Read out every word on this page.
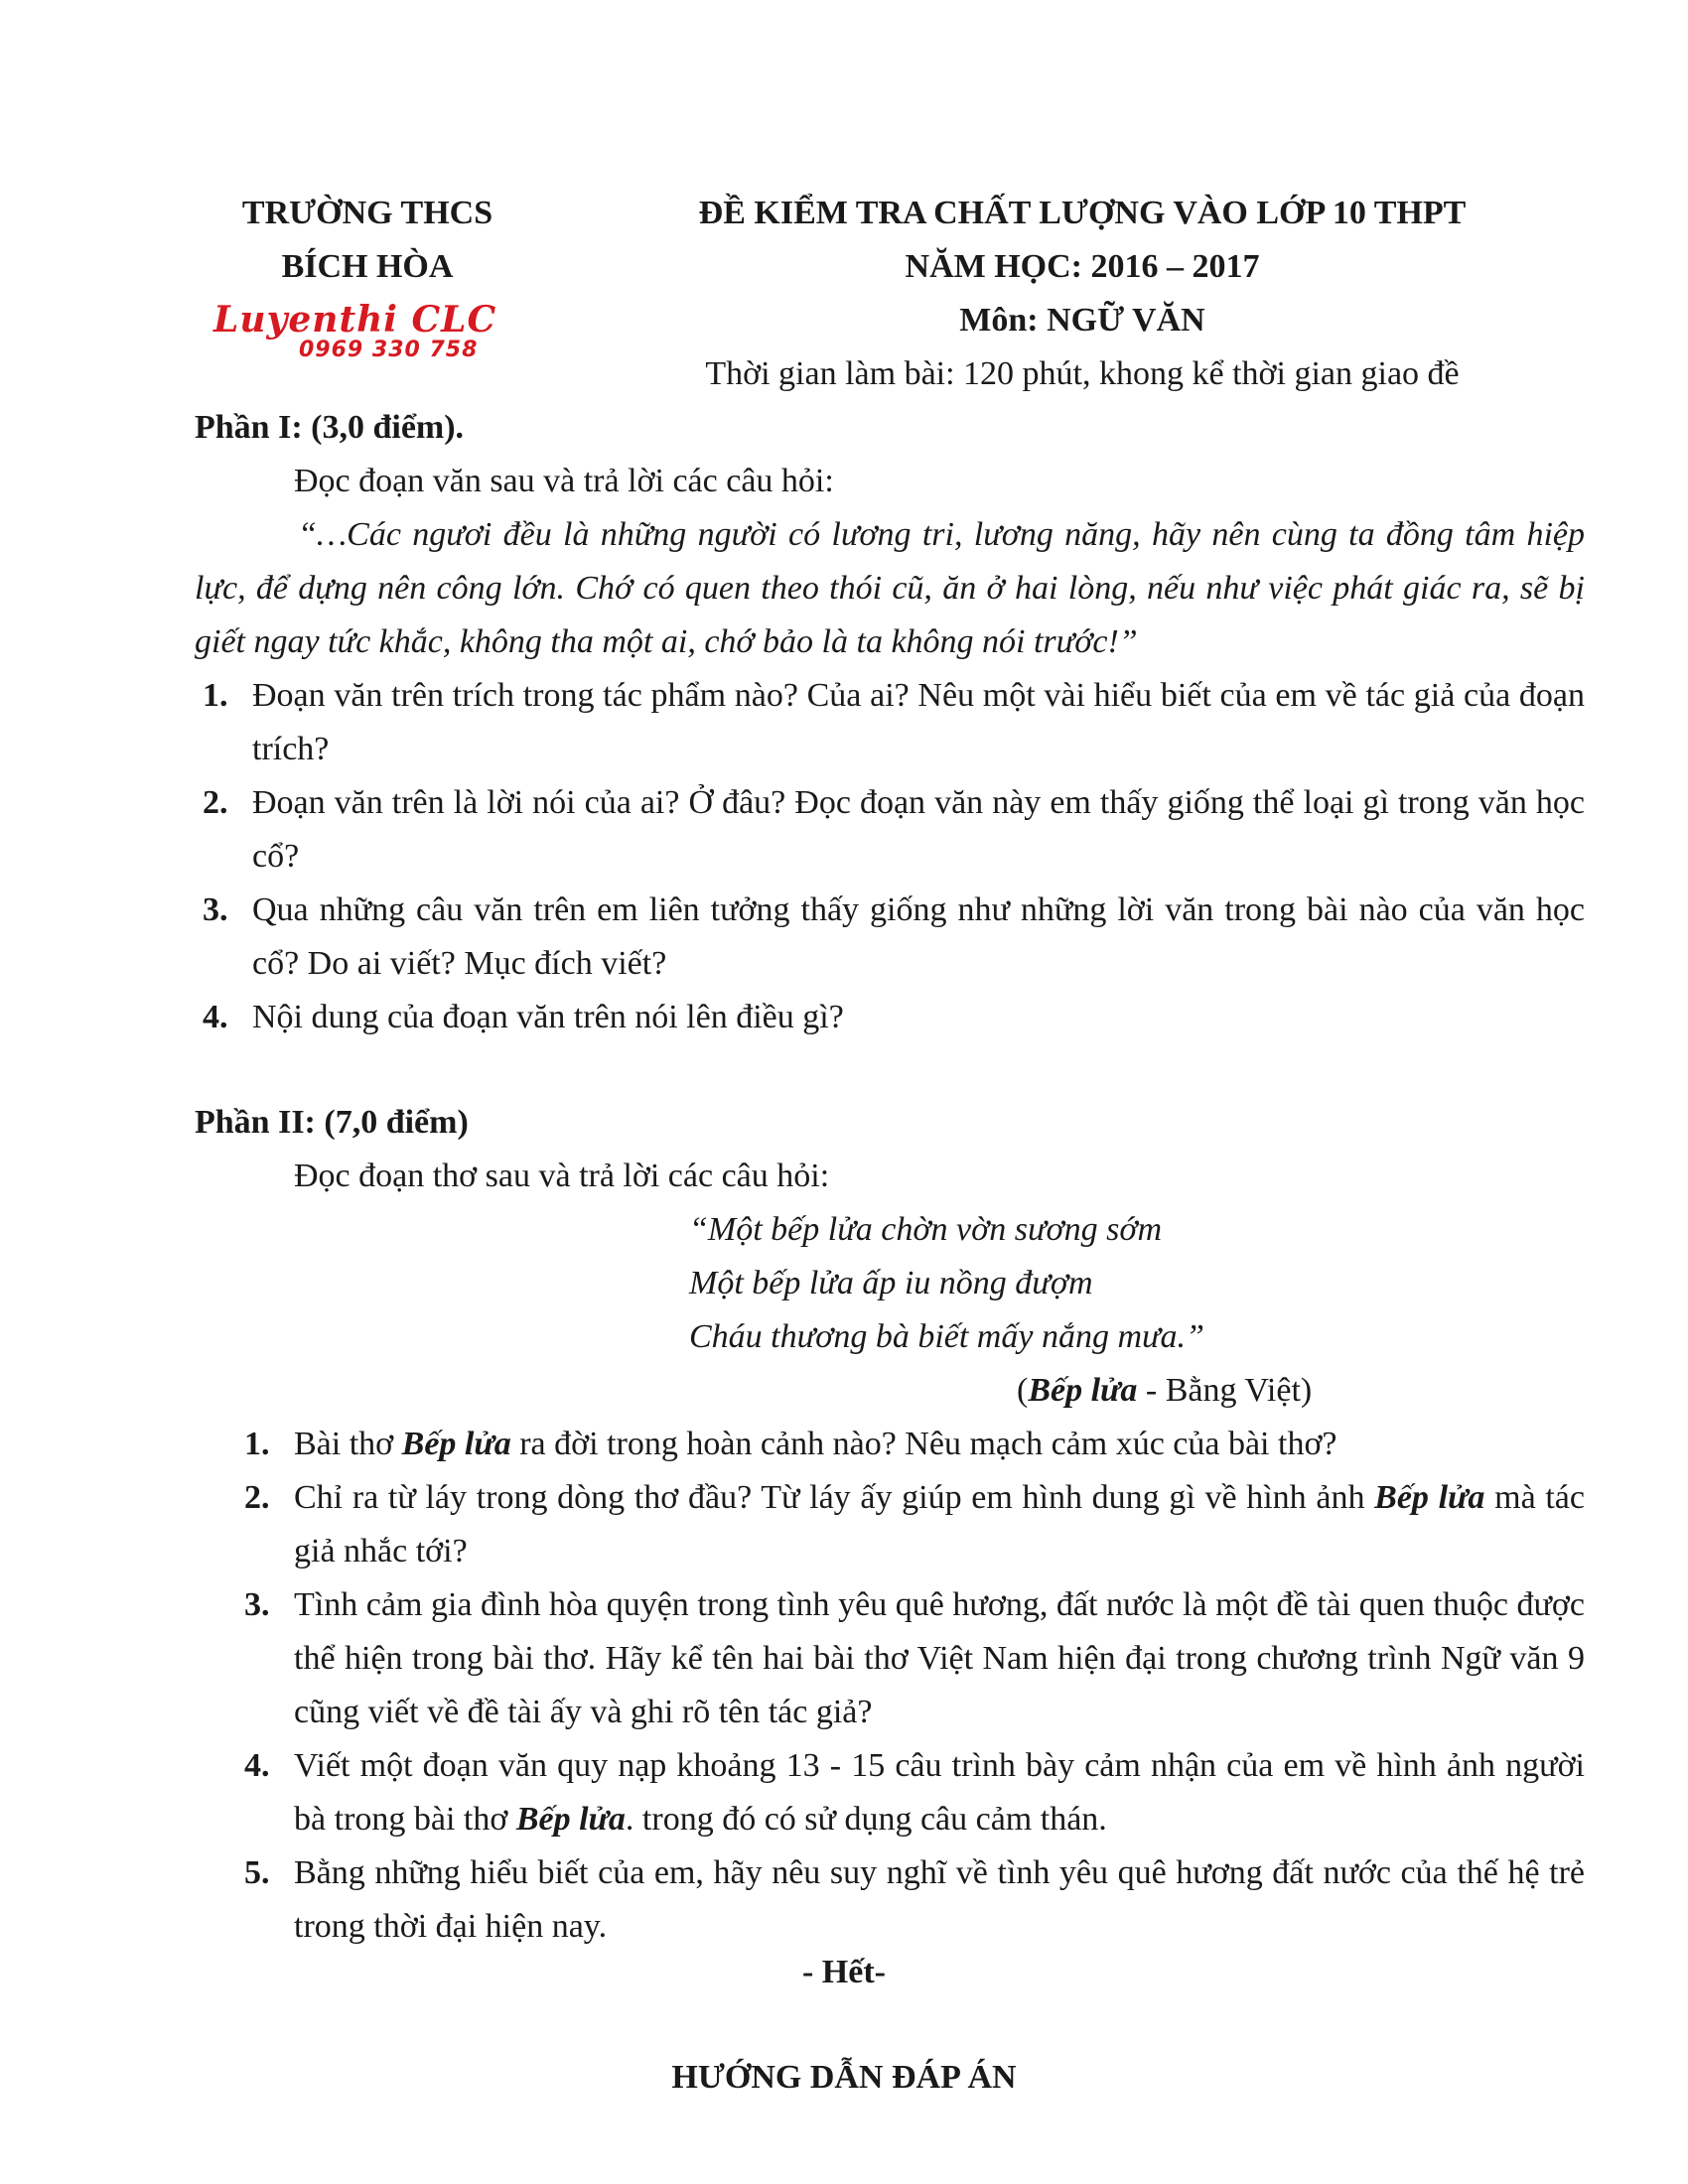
TRƯỜNG THCS
BÍCH HÒA
Luyenthi CLC
0969 330 758
ĐỀ KIỂM TRA CHẤT LƯỢNG VÀO LỚP 10 THPT
NĂM HỌC: 2016 – 2017
Môn: NGỮ VĂN
Thời gian làm bài: 120 phút, khong kể thời gian giao đề
Phần I: (3,0 điểm).
Đọc đoạn văn sau và trả lời các câu hỏi:
“…Các ngươi đều là những người có lương tri, lương năng, hãy nên cùng ta đồng tâm hiệp lực, để dựng nên công lớn. Chớ có quen theo thói cũ, ăn ở hai lòng, nếu như việc phát giác ra, sẽ bị giết ngay tức khắc, không tha một ai, chớ bảo là ta không nói trước!”
1. Đoạn văn trên trích trong tác phẩm nào? Của ai? Nêu một vài hiểu biết của em về tác giả của đoạn trích?
2. Đoạn văn trên là lời nói của ai? Ở đâu? Đọc đoạn văn này em thấy giống thể loại gì trong văn học cổ?
3. Qua những câu văn trên em liên tưởng thấy giống như những lời văn trong bài nào của văn học cổ? Do ai viết? Mục đích viết?
4. Nội dung của đoạn văn trên nói lên điều gì?
Phần II: (7,0 điểm)
Đọc đoạn thơ sau và trả lời các câu hỏi:
“Một bếp lửa chờn vờn sương sớm
Một bếp lửa ấp iu nồng đượm
Cháu thương bà biết mấy nắng mưa.”
(Bếp lửa - Bằng Việt)
1. Bài thơ Bếp lửa ra đời trong hoàn cảnh nào? Nêu mạch cảm xúc của bài thơ?
2. Chỉ ra từ láy trong dòng thơ đầu? Từ láy ấy giúp em hình dung gì về hình ảnh Bếp lửa mà tác giả nhắc tới?
3. Tình cảm gia đình hòa quyện trong tình yêu quê hương, đất nước là một đề tài quen thuộc được thể hiện trong bài thơ. Hãy kể tên hai bài thơ Việt Nam hiện đại trong chương trình Ngữ văn 9 cũng viết về đề tài ấy và ghi rõ tên tác giả?
4. Viết một đoạn văn quy nạp khoảng 13 - 15 câu trình bày cảm nhận của em về hình ảnh người bà trong bài thơ Bếp lửa. trong đó có sử dụng câu cảm thán.
5. Bằng những hiểu biết của em, hãy nêu suy nghĩ về tình yêu quê hương đất nước của thế hệ trẻ trong thời đại hiện nay.
- Hết-
HƯỚNG DẪN ĐÁP ÁN
